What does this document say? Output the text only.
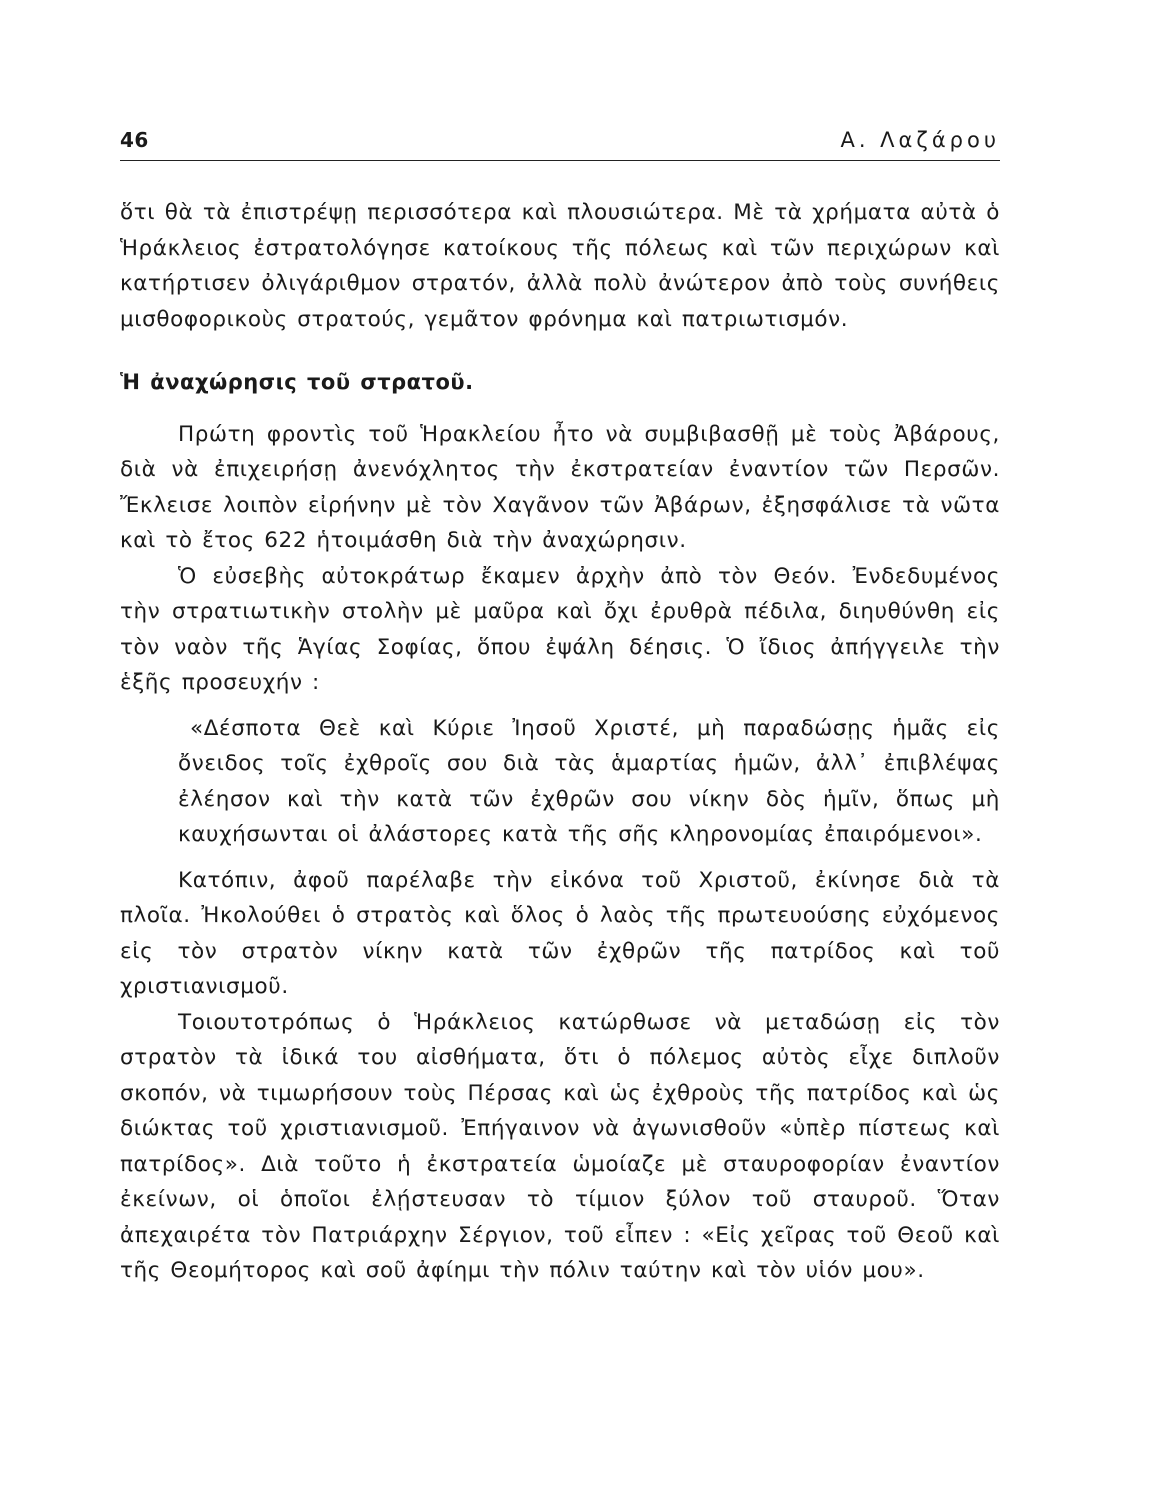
46	Α. Λαζάρου

ὅτι θὰ τὰ ἐπιστρέψῃ περισσότερα καὶ πλουσιώτερα. Μὲ τὰ χρήματα αὐτὰ ὁ Ἡράκλειος ἐστρατολόγησε κατοίκους τῆς πόλεως καὶ τῶν περιχώρων καὶ κατήρτισεν ὀλιγάριθμον στρατόν, ἀλλὰ πολὺ ἀνώτερον ἀπὸ τοὺς συνήθεις μισθοφορικοὺς στρατούς, γεμᾶτον φρόνημα καὶ πατριωτισμόν.

Ἡ ἀναχώρησις τοῦ στρατοῦ.

Πρώτη φροντὶς τοῦ Ἡρακλείου ἦτο νὰ συμβιβασθῇ μὲ τοὺς Ἀβάρους, διὰ νὰ ἐπιχειρήσῃ ἀνενόχλητος τὴν ἐκστρατείαν ἐναντίον τῶν Περσῶν. Ἔκλεισε λοιπὸν εἰρήνην μὲ τὸν Χαγᾶνον τῶν Ἀβάρων, ἐξησφάλισε τὰ νῶτα καὶ τὸ ἔτος 622 ἡτοιμάσθη διὰ τὴν ἀναχώρησιν.

Ὁ εὐσεβὴς αὐτοκράτωρ ἔκαμεν ἀρχὴν ἀπὸ τὸν Θεόν. Ἐνδεδυμένος τὴν στρατιωτικὴν στολὴν μὲ μαῦρα καὶ ὄχι ἐρυθρὰ πέδιλα, διηυθύνθη εἰς τὸν ναὸν τῆς Ἁγίας Σοφίας, ὅπου ἐψάλη δέησις. Ὁ ἴδιος ἀπήγγειλε τὴν ἑξῆς προσευχήν :

«Δέσποτα Θεὲ καὶ Κύριε Ἰησοῦ Χριστέ, μὴ παραδώσῃς ἡμᾶς εἰς ὄνειδος τοῖς ἐχθροῖς σου διὰ τὰς ἁμαρτίας ἡμῶν, ἀλλ᾽ ἐπιβλέψας ἐλέησον καὶ τὴν κατὰ τῶν ἐχθρῶν σου νίκην δὸς ἡμῖν, ὅπως μὴ καυχήσωνται οἱ ἀλάστορες κατὰ τῆς σῆς κληρονομίας ἐπαιρόμενοι».

Κατόπιν, ἀφοῦ παρέλαβε τὴν εἰκόνα τοῦ Χριστοῦ, ἐκίνησε διὰ τὰ πλοῖα. Ἠκολούθει ὁ στρατὸς καὶ ὅλος ὁ λαὸς τῆς πρωτευούσης εὐχόμενος εἰς τὸν στρατὸν νίκην κατὰ τῶν ἐχθρῶν τῆς πατρίδος καὶ τοῦ χριστιανισμοῦ.

Τοιουτοτρόπως ὁ Ἡράκλειος κατώρθωσε νὰ μεταδώσῃ εἰς τὸν στρατὸν τὰ ἰδικά του αἰσθήματα, ὅτι ὁ πόλεμος αὐτὸς εἶχε διπλοῦν σκοπόν, νὰ τιμωρήσουν τοὺς Πέρσας καὶ ὡς ἐχθροὺς τῆς πατρίδος καὶ ὡς διώκτας τοῦ χριστιανισμοῦ. Ἐπήγαινον νὰ ἀγωνισθοῦν «ὑπὲρ πίστεως καὶ πατρίδος». Διὰ τοῦτο ἡ ἐκστρατεία ὡμοίαζε μὲ σταυροφορίαν ἐναντίον ἐκείνων, οἱ ὁποῖοι ἐλῄστευσαν τὸ τίμιον ξύλον τοῦ σταυροῦ. Ὅταν ἀπεχαιρέτα τὸν Πατριάρχην Σέργιον, τοῦ εἶπεν : «Εἰς χεῖρας τοῦ Θεοῦ καὶ τῆς Θεομήτορος καὶ σοῦ ἀφίημι τὴν πόλιν ταύτην καὶ τὸν υἱόν μου».
